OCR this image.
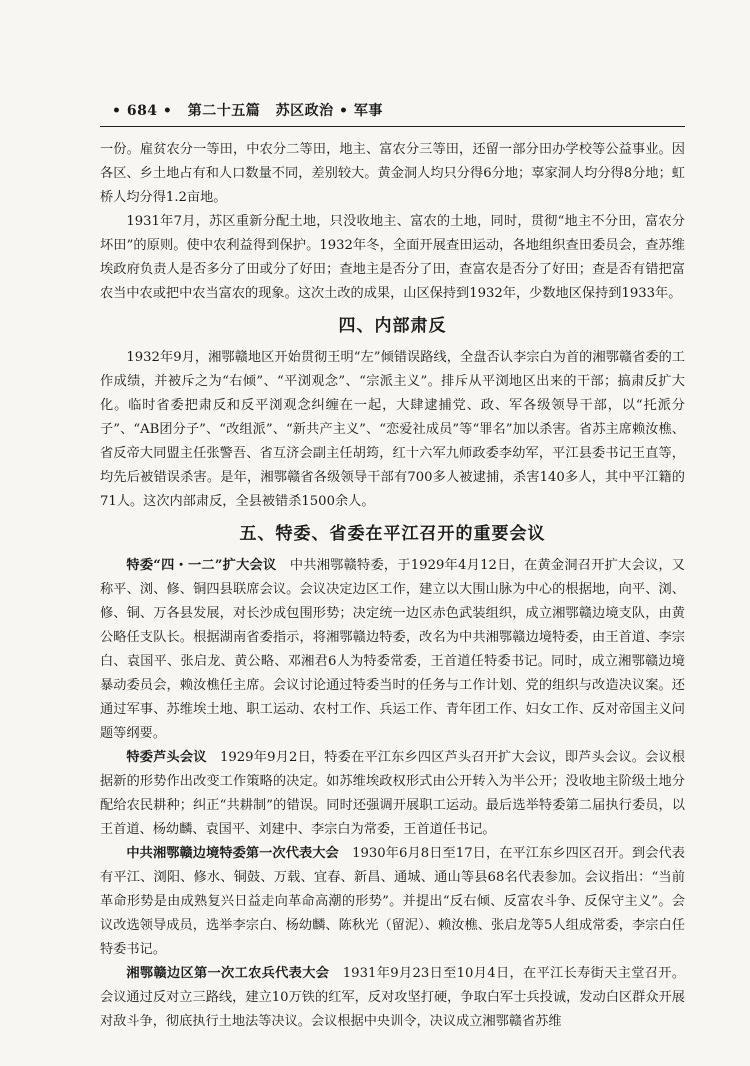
• 684 • 第二十五篇 苏区政治 • 军事

一份。雇贫农分一等田，中农分二等田，地主、富农分三等田，还留一部分田办学校等公益事业。因各区、乡土地占有和人口数量不同，差别较大。黄金洞人均只分得6分地；辜家洞人均分得8分地；虹桥人均分得1.2亩地。

1931年7月，苏区重新分配土地，只没收地主、富农的土地，同时，贯彻“地主不分田，富农分坏田”的原则。使中农利益得到保护。1932年冬，全面开展查田运动，各地组织查田委员会，查苏维埃政府负责人是否多分了田或分了好田；查地主是否分了田，查富农是否分了好田；查是否有错把富农当中农或把中农当富农的现象。这次土改的成果，山区保持到1932年，少数地区保持到1933年。

四、内部肃反

1932年9月，湘鄂赣地区开始贯彻王明“左”倾错误路线，全盘否认李宗白为首的湘鄂赣省委的工作成绩，并被斥之为“右倾”、“平浏观念”、“宗派主义”。排斥从平浏地区出来的干部；搞肃反扩大化。临时省委把肃反和反平浏观念纠缠在一起，大肆逮捕党、政、军各级领导干部，以“托派分子”、“AB团分子”、“改组派”、“新共产主义”、“恋爱社成员”等“罪名”加以杀害。省苏主席赖汝樵、省反帝大同盟主任张警吾、省互济会副主任胡筠，红十六军九师政委李幼军，平江县委书记王直等，均先后被错误杀害。是年，湘鄂赣省各级领导干部有700多人被逮捕，杀害140多人，其中平江籍的71人。这次内部肃反，全县被错杀1500余人。

五、特委、省委在平江召开的重要会议

特委“四・一二”扩大会议　中共湘鄂赣特委，于1929年4月12日，在黄金洞召开扩大会议，又称平、浏、修、铜四县联席会议。会议决定边区工作，建立以大围山脉为中心的根据地，向平、浏、修、铜、万各县发展，对长沙成包围形势；决定统一边区赤色武装组织，成立湘鄂赣边境支队，由黄公略任支队长。根据湖南省委指示，将湘鄂赣边特委，改名为中共湘鄂赣边境特委，由王首道、李宗白、袁国平、张启龙、黄公略、邓湘君6人为特委常委，王首道任特委书记。同时，成立湘鄂赣边境暴动委员会，赖汝樵任主席。会议讨论通过特委当时的任务与工作计划、党的组织与改造决议案。还通过军事、苏维埃土地、职工运动、农村工作、兵运工作、青年团工作、妇女工作、反对帝国主义问题等纲要。

特委芦头会议　1929年9月2日，特委在平江东乡四区芦头召开扩大会议，即芦头会议。会议根据新的形势作出改变工作策略的决定。如苏维埃政权形式由公开转入为半公开；没收地主阶级土地分配给农民耕种；纠正“共耕制”的错误。同时还强调开展职工运动。最后选举特委第二届执行委员，以王首道、杨幼麟、袁国平、刘建中、李宗白为常委，王首道任书记。

中共湘鄂赣边境特委第一次代表大会　1930年6月8日至17日，在平江东乡四区召开。到会代表有平江、浏阳、修水、铜鼓、万载、宜春、新昌、通城、通山等县68名代表参加。会议指出：“当前革命形势是由成熟复兴日益走向革命高潮的形势”。并提出“反右倾、反富农斗争、反保守主义”。会议改选领导成员，选举李宗白、杨幼麟、陈秋光（留泥）、赖汝樵、张启龙等5人组成常委，李宗白任特委书记。

湘鄂赣边区第一次工农兵代表大会　1931年9月23日至10月4日，在平江长寿街天主堂召开。会议通过反对立三路线，建立10万铁的红军，反对攻坚打硬，争取白军士兵投诚，发动白区群众开展对敌斗争，彻底执行土地法等决议。会议根据中央训令，决议成立湘鄂赣省苏维
